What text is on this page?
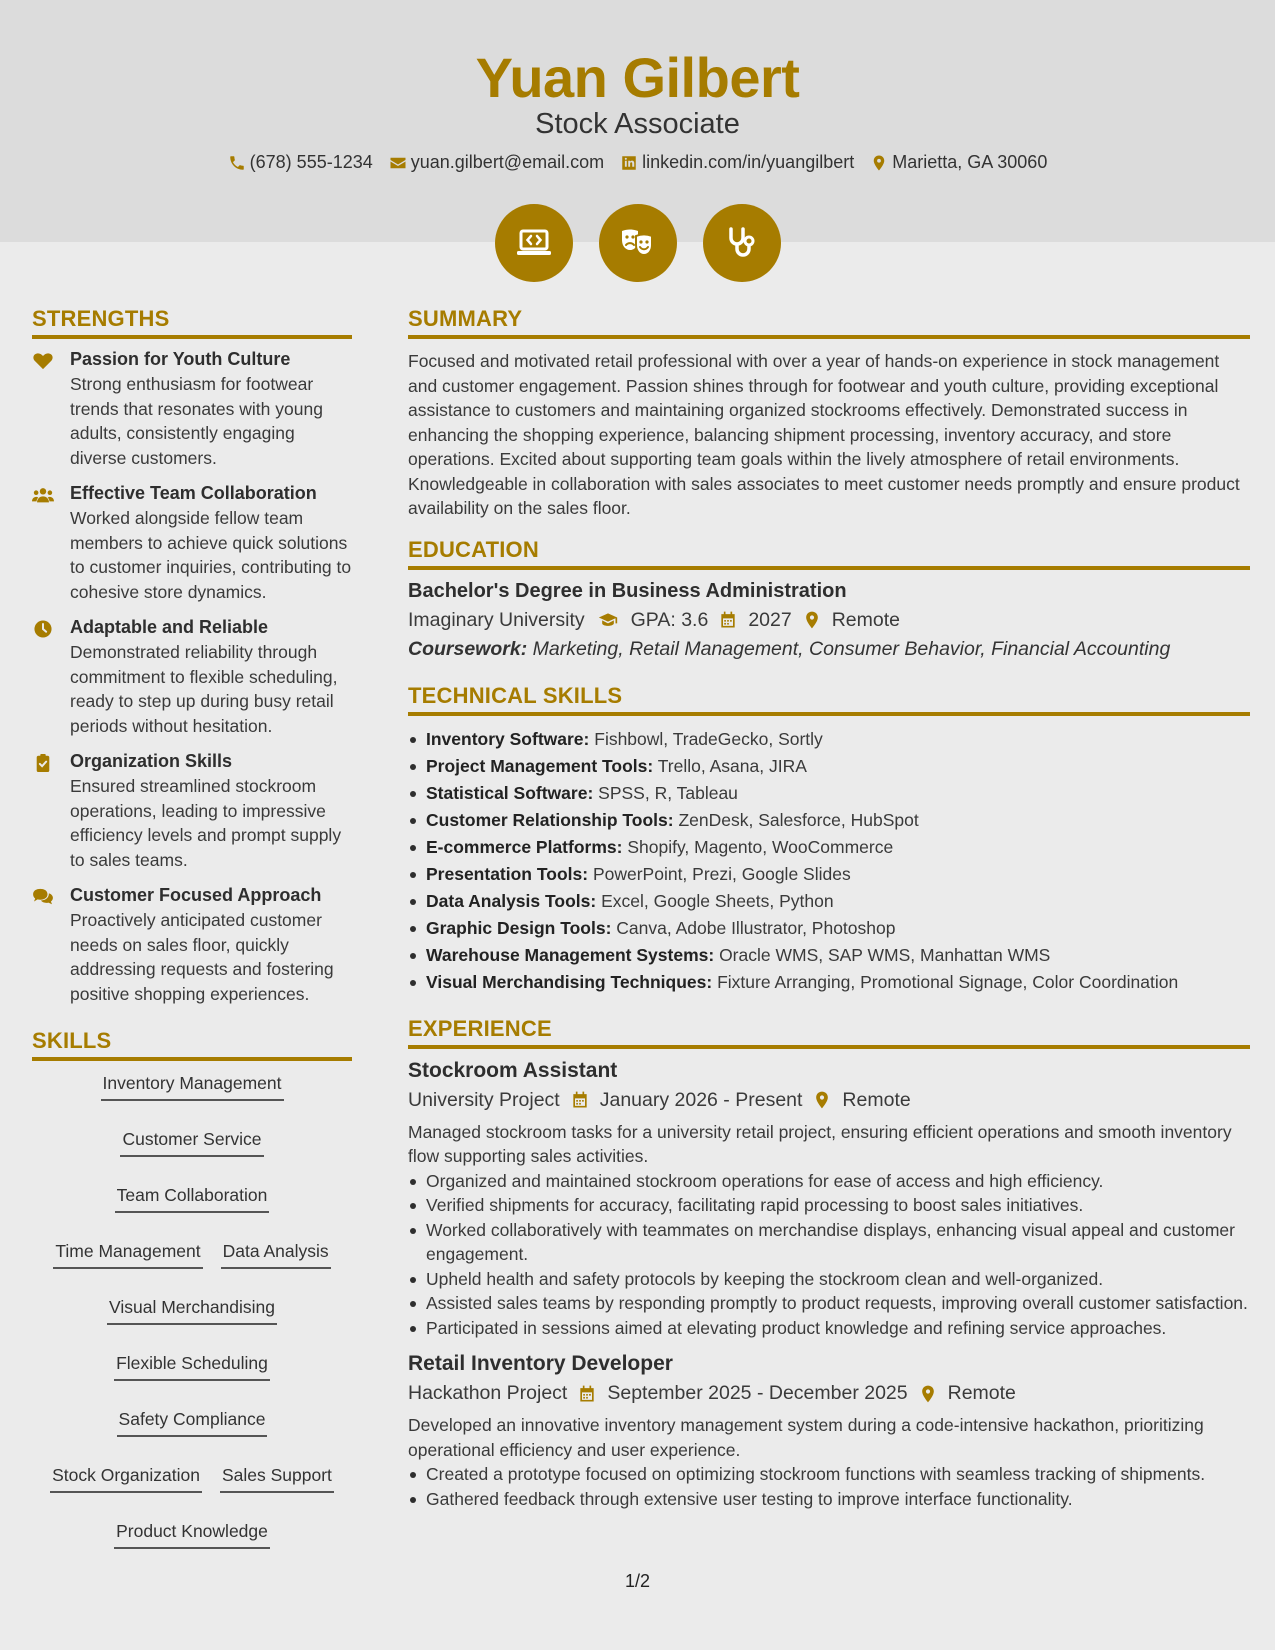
Yuan Gilbert
Stock Associate
(678) 555-1234 yuan.gilbert@email.com linkedin.com/in/yuangilbert Marietta, GA 30060
STRENGTHS
Passion for Youth Culture

Strong enthusiasm for footwear trends that resonates with young adults, consistently engaging diverse customers.

Effective Team Collaboration

Worked alongside fellow team members to achieve quick solutions to customer inquiries, contributing to cohesive store dynamics.

Adaptable and Reliable

Demonstrated reliability through commitment to flexible scheduling, ready to step up during busy retail periods without hesitation.

Organization Skills

Ensured streamlined stockroom operations, leading to impressive efficiency levels and prompt supply to sales teams.

Customer Focused Approach

Proactively anticipated customer needs on sales floor, quickly addressing requests and fostering positive shopping experiences.

SKILLS
Inventory Management
Customer Service
Team Collaboration
Time Management Data Analysis
Visual Merchandising
Flexible Scheduling
Safety Compliance
Stock Organization Sales Support
Product Knowledge
SUMMARY

Focused and motivated retail professional with over a year of hands-on experience in stock management and customer engagement. Passion shines through for footwear and youth culture, providing exceptional assistance to customers and maintaining organized stockrooms effectively. Demonstrated success in enhancing the shopping experience, balancing shipment processing, inventory accuracy, and store operations. Excited about supporting team goals within the lively atmosphere of retail environments. Knowledgeable in collaboration with sales associates to meet customer needs promptly and ensure product availability on the sales floor.

EDUCATION
Bachelor's Degree in Business Administration
Imaginary University GPA: 3.6 2027 Remote
Coursework: Marketing, Retail Management, Consumer Behavior, Financial Accounting
TECHNICAL SKILLS
Inventory Software: Fishbowl, TradeGecko, Sortly
Project Management Tools: Trello, Asana, JIRA
Statistical Software: SPSS, R, Tableau
Customer Relationship Tools: ZenDesk, Salesforce, HubSpot
E-commerce Platforms: Shopify, Magento, WooCommerce
Presentation Tools: PowerPoint, Prezi, Google Slides
Data Analysis Tools: Excel, Google Sheets, Python
Graphic Design Tools: Canva, Adobe Illustrator, Photoshop
Warehouse Management Systems: Oracle WMS, SAP WMS, Manhattan WMS
Visual Merchandising Techniques: Fixture Arranging, Promotional Signage, Color Coordination
EXPERIENCE
Stockroom Assistant
University Project January 2026 - Present Remote

Managed stockroom tasks for a university retail project, ensuring efficient operations and smooth inventory flow supporting sales activities.

Organized and maintained stockroom operations for ease of access and high efficiency.
Verified shipments for accuracy, facilitating rapid processing to boost sales initiatives.
Worked collaboratively with teammates on merchandise displays, enhancing visual appeal and customer engagement.
Upheld health and safety protocols by keeping the stockroom clean and well-organized.
Assisted sales teams by responding promptly to product requests, improving overall customer satisfaction.
Participated in sessions aimed at elevating product knowledge and refining service approaches.
Retail Inventory Developer
Hackathon Project September 2025 - December 2025 Remote

Developed an innovative inventory management system during a code-intensive hackathon, prioritizing operational efficiency and user experience.

Created a prototype focused on optimizing stockroom functions with seamless tracking of shipments.
Gathered feedback through extensive user testing to improve interface functionality.
1/2
